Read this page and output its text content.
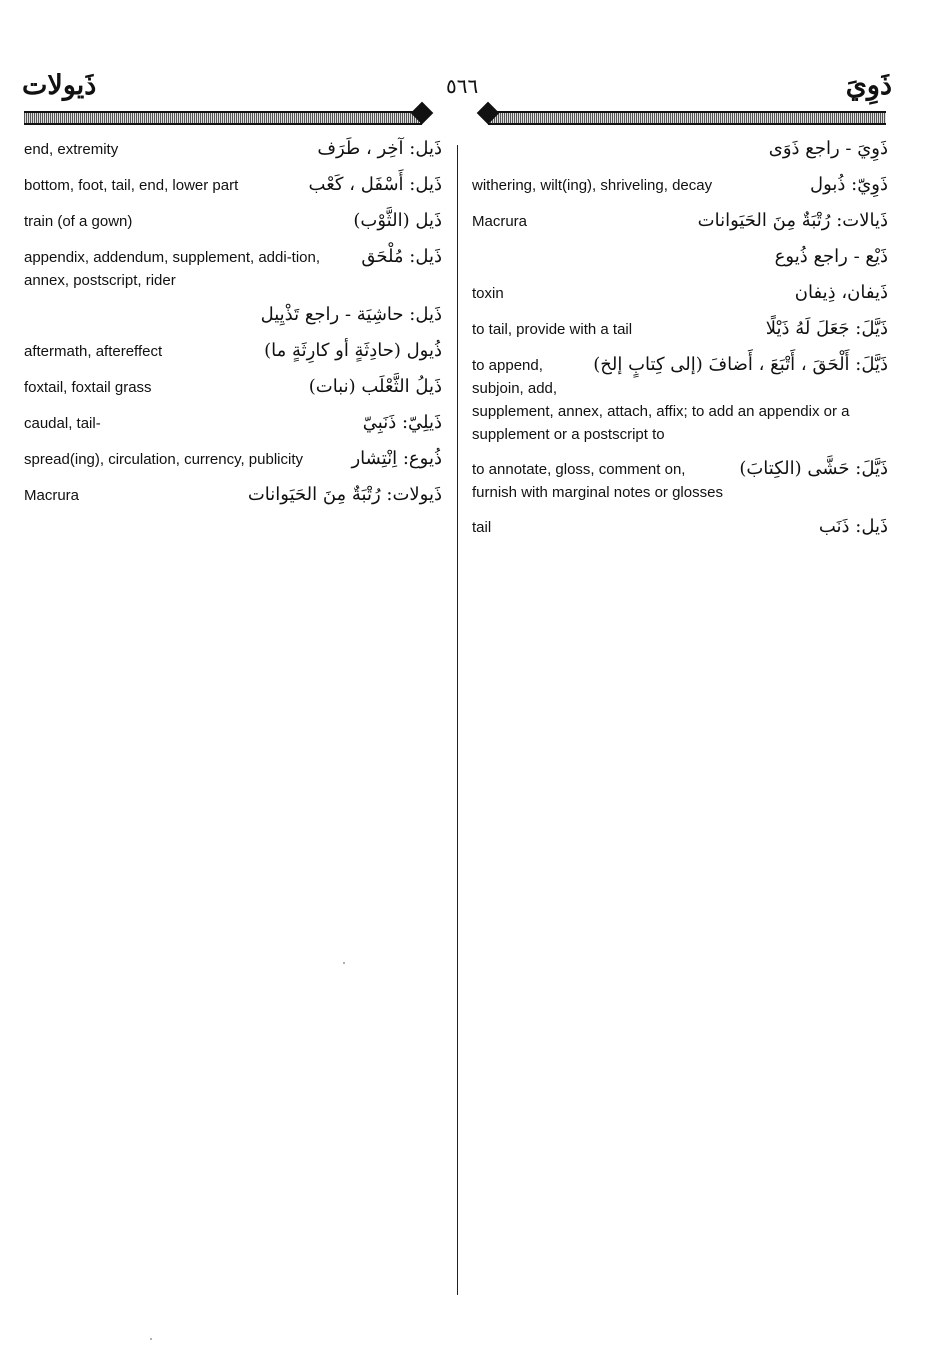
ذَيولات	٥٦٦	ذَوِيَ
ذَيل: آخِر ، طَرَف
end, extremity
ذَيل: أَسْفَل ، كَعْب
bottom, foot, tail, end, lower part
ذَيل (الثَّوْب)
train (of a gown)
ذَيل: مُلْحَق
appendix, addendum, supplement, addi-tion, annex, postscript, rider
ذَيل: حاشِيَة - راجع تَذْيِيل
ذُيول (حادِثَةٍ أو كارِثَةٍ ما)
aftermath, aftereffect
ذَيلُ الثَّعْلَب (نبات)
foxtail, foxtail grass
ذَيلِيّ: ذَنَبِيّ
caudal, tail-
ذُيوع: اِنْتِشار
spread(ing), circulation, currency, publicity
ذَيولات: رُتْبَةٌ مِنَ الحَيَوانات
Macrura
ذَوِيَ - راجع ذَوَى
ذَوِيّ: ذُبول
withering, wilt(ing), shriveling, decay
ذَيالات: رُتْبَةٌ مِنَ الحَيَوانات
Macrura
ذَيْع - راجع ذُيوع
ذَيفان، ذِيفان
toxin
ذَيَّلَ: جَعَلَ لَهُ ذَيْلًا
to tail, provide with a tail
ذَيَّلَ: أَلْحَقَ ، أَتْبَعَ ، أَضافَ (إلى كِتابٍ إلخ)
to append, subjoin, add, supplement, annex, attach, affix; to add an appendix or a supplement or a postscript to
ذَيَّلَ: حَشَّى (الكِتابَ)
to annotate, gloss, comment on, furnish with marginal notes or glosses
ذَيل: ذَنَب
tail
